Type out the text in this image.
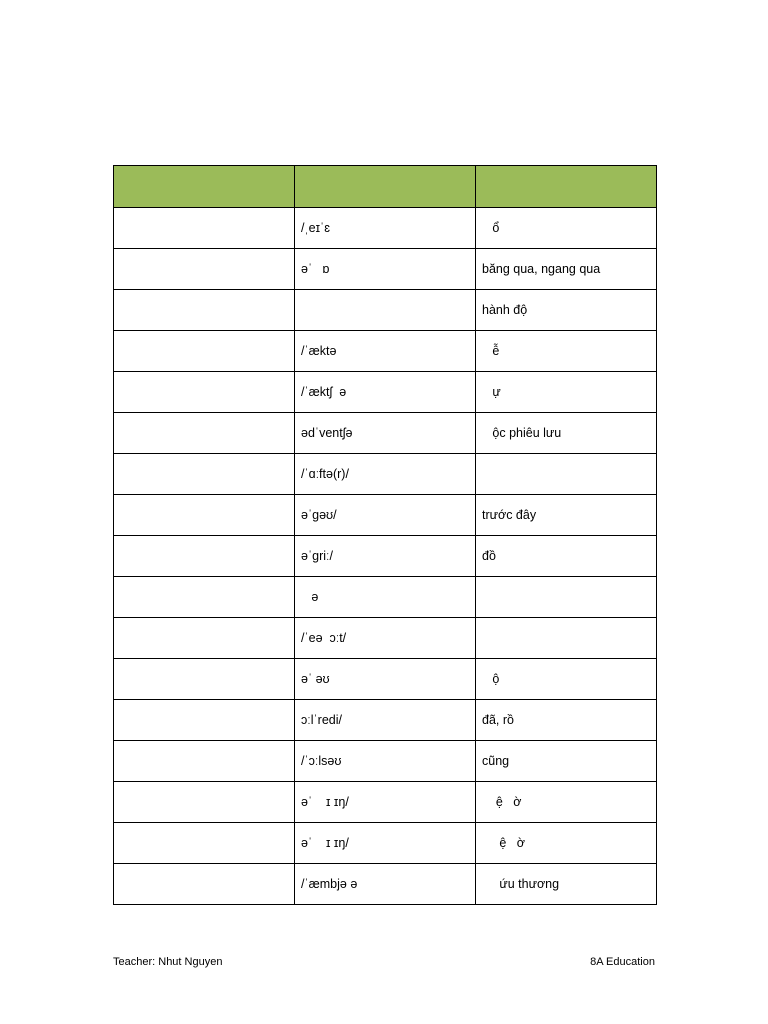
	/ˌeɪˈɛ	ổ
	əˈ   ɒ	băng qua, ngang qua
		hành độ
	/ˈæktə	ễ
	/ˈæktʃ  ə	ự
	ədˈventʃə	ộc phiêu lưu
	/ˈɑːftə(r)/	
	əˈɡəʊ/	trước đây
	əˈɡriː/	đồ
	ə	
	/ˈeə  ɔːt/	
	əˈ əʊ	ộ
	ɔːlˈredi/	đã, rồ
	/ˈɔːlsəʊ	cũng
	əˈ    ɪ ɪŋ/	ệ   ờ
	əˈ    ɪ ɪŋ/	ệ   ờ
	/ˈæmbjə ə	ứu thương
Teacher: Nhut Nguyen	8A Education
